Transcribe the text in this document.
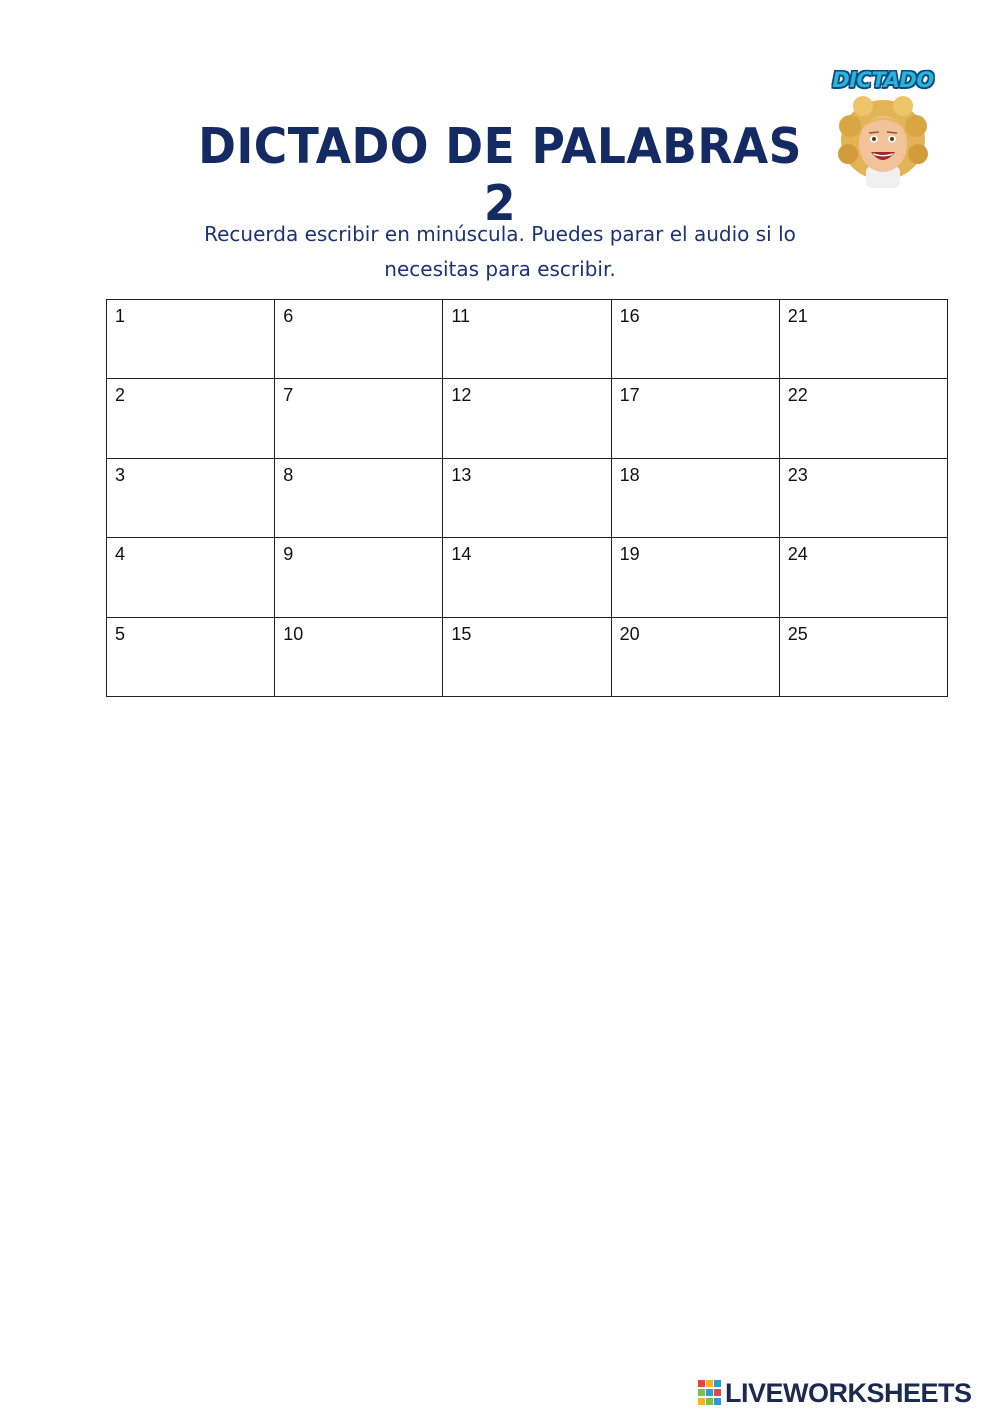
DICTADO DE PALABRAS 2
DICTADO
Recuerda escribir en minúscula. Puedes parar el audio si lo
necesitas para escribir.
1	6	11	16	21
2	7	12	17	22
3	8	13	18	23
4	9	14	19	24
5	10	15	20	25
LIVEWORKSHEETS
